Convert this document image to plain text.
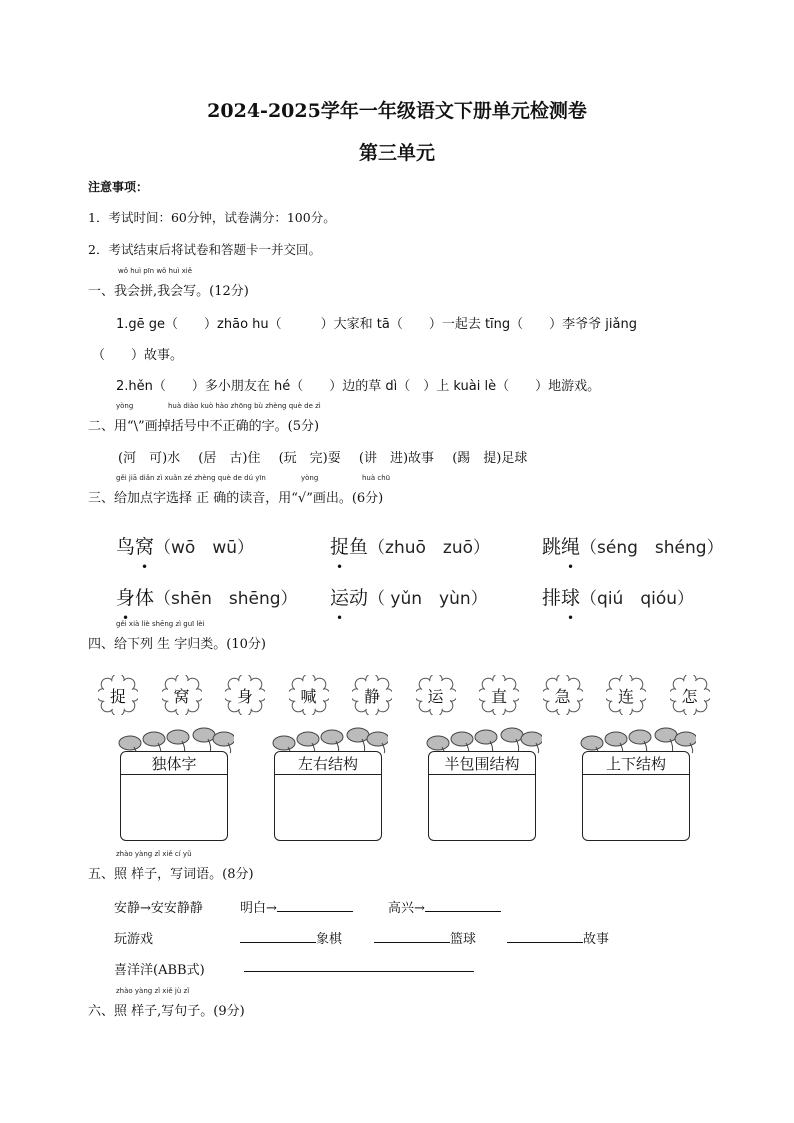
2024-2025学年一年级语文下册单元检测卷
第三单元
注意事项：
1．考试时间：60分钟，试卷满分：100分。
2．考试结束后将试卷和答题卡一并交回。
wǒ huì pīn wǒ huì xiě
一、我会拼,我会写。(12分)
1.gē ge（　　）zhāo hu（　　　）大家和 tā（　　）一起去 tīng（　　）李爷爷 jiǎng
（　　）故事。
2.hěn（　　）多小朋友在 hé（　　）边的草 dì（　）上 kuài lè（　　）地游戏。
yòng	huà diào kuò hào zhōng bù zhèng què de zì
二、用“\”画掉括号中不正确的字。(5分)
(河　可)水 (居　古)住 (玩　完)耍 (讲　进)故事 (踢　提)足球
gěi jiā diǎn zì xuǎn zé zhèng què de dú yīn	yòng	huà chū
三、给加点字选择 正 确的读音，用“√”画出。(6分)
鸟窝（wō　wū）	捉鱼（zhuō　zuō）	跳绳（séng　shéng）
身体（shēn　shēng） 运动（ yǔn　yùn）	排球（qiú　qióu）
gěi xià liè shēng zì guī lèi
四、给下列 生 字归类。(10分)
捉	窝	身	喊	静	运	直	急	连	怎
独体字	左右结构	半包围结构	上下结构
zhào yàng zǐ xiě cí yǔ
五、照 样子，写词语。(8分)
安静→安安静静	明白→	高兴→
玩游戏	象棋	篮球	故事
喜洋洋(ABB式)
zhào yàng zǐ xiě jù zǐ
六、照 样子,写句子。(9分)
